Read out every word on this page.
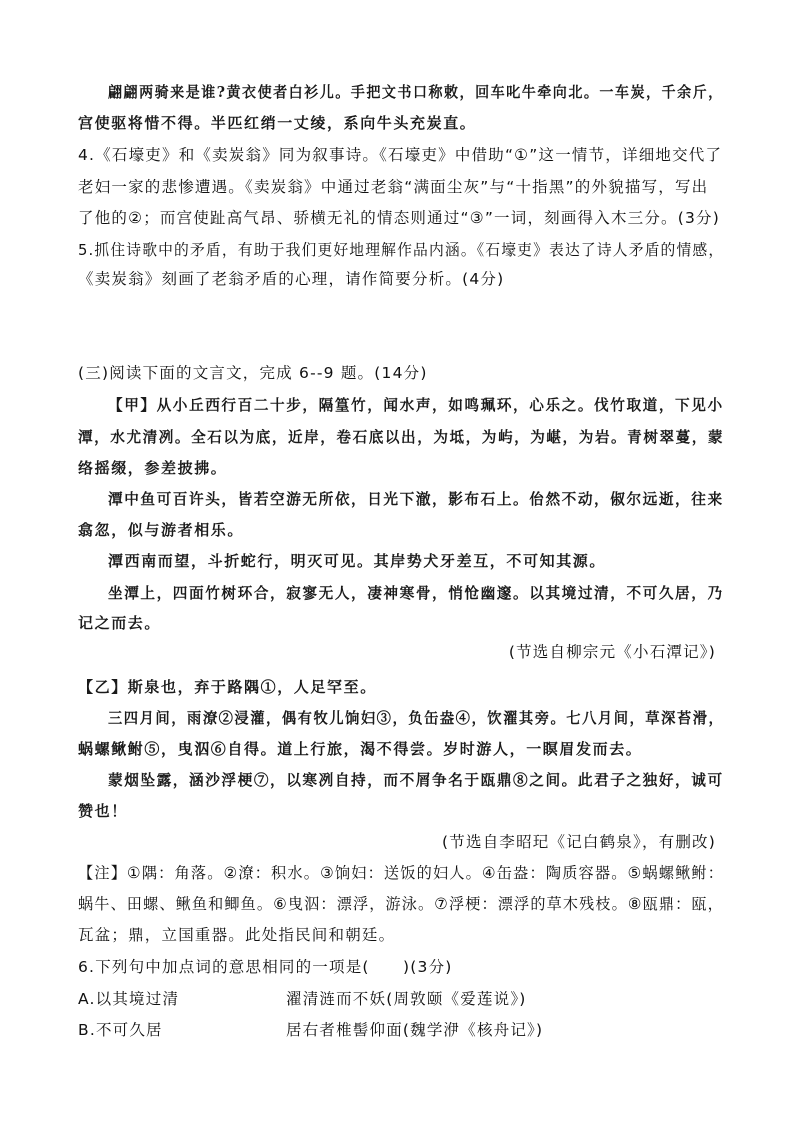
翩翩两骑来是谁?黄衣使者白衫儿。手把文书口称敕，回车叱牛牵向北。一车炭，千余斤，
宫使驱将惜不得。半匹红绡一丈绫，系向牛头充炭直。
4.《石壕吏》和《卖炭翁》同为叙事诗。《石壕吏》中借助“①”这一情节，详细地交代了
老妇一家的悲惨遭遇。《卖炭翁》中通过老翁“满面尘灰”与“十指黑”的外貌描写，写出
了他的②；而宫使趾高气昂、骄横无礼的情态则通过“③”一词，刻画得入木三分。(3分)
5.抓住诗歌中的矛盾，有助于我们更好地理解作品内涵。《石壕吏》表达了诗人矛盾的情感，
《卖炭翁》刻画了老翁矛盾的心理，请作简要分析。(4分)
(三)阅读下面的文言文，完成 6--9 题。(14分)
【甲】从小丘西行百二十步，隔篁竹，闻水声，如鸣珮环，心乐之。伐竹取道，下见小
潭，水尤清冽。全石以为底，近岸，卷石底以出，为坻，为屿，为嵁，为岩。青树翠蔓，蒙
络摇缀，参差披拂。
潭中鱼可百许头，皆若空游无所依，日光下澈，影布石上。佁然不动，俶尔远逝，往来
翕忽，似与游者相乐。
潭西南而望，斗折蛇行，明灭可见。其岸势犬牙差互，不可知其源。
坐潭上，四面竹树环合，寂寥无人，凄神寒骨，悄怆幽邃。以其境过清，不可久居，乃
记之而去。
(节选自柳宗元《小石潭记》)
【乙】斯泉也，弃于路隅①，人足罕至。
三四月间，雨潦②浸灌，偶有牧儿饷妇③，负缶盎④，饮濯其旁。七八月间，草深苔滑，
蜗螺鳅鲋⑤，曳泅⑥自得。道上行旅，渴不得尝。岁时游人，一瞑眉发而去。
蒙烟坠露，涵沙浮梗⑦，以寒冽自持，而不屑争名于瓯鼎⑧之间。此君子之独好，诚可
赞也！
(节选自李昭玘《记白鹤泉》，有删改)
【注】①隅：角落。②潦：积水。③饷妇：送饭的妇人。④缶盎：陶质容器。⑤蜗螺鳅鲋：
蜗牛、田螺、鳅鱼和鲫鱼。⑥曳泅：漂浮，游泳。⑦浮梗：漂浮的草木残枝。⑧瓯鼎：瓯，
瓦盆；鼎，立国重器。此处指民间和朝廷。
6.下列句中加点词的意思相同的一项是(　　)(3分)
A.以其境过清	濯清涟而不妖(周敦颐《爱莲说》)
B.不可久居	居右者椎髻仰面(魏学洢《核舟记》)
